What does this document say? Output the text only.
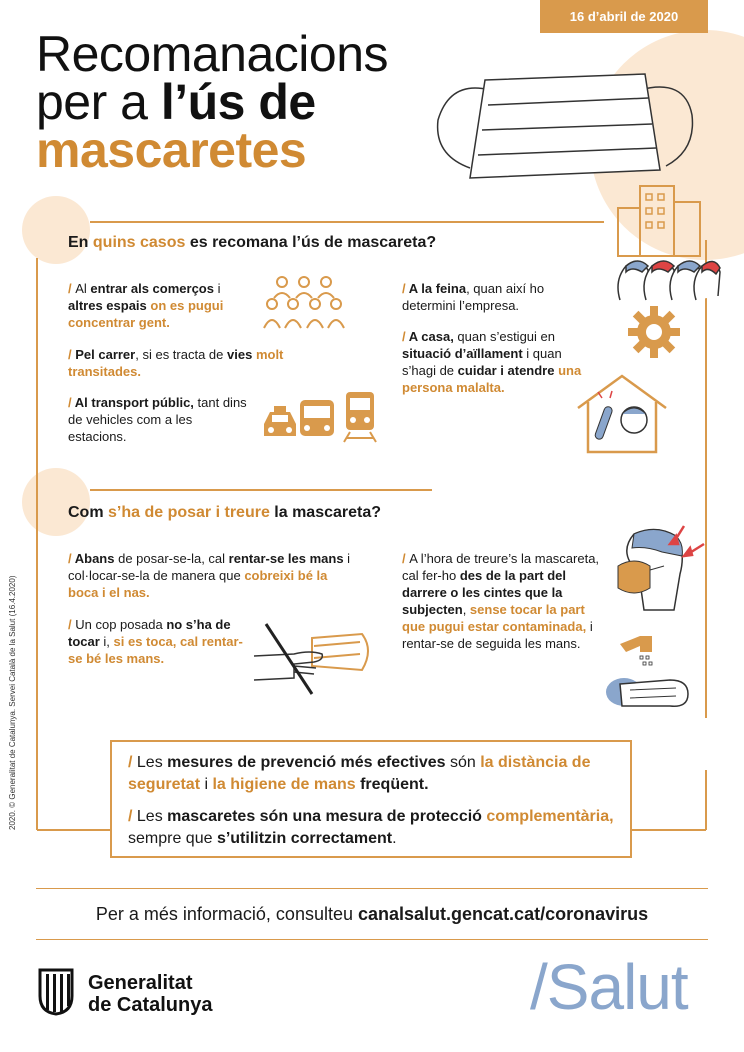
16 d’abril de 2020
Recomanacions
per a l’ús de
mascaretes
En quins casos es recomana l’ús de mascareta?
/ Al entrar als comerços i altres espais on es pugui concentrar gent.
/ Pel carrer, si es tracta de vies molt transitades.
/ Al transport públic, tant dins de vehicles com a les estacions.
/ A la feina, quan així ho determini l’empresa.
/ A casa, quan s’estigui en situació d’aïllament i quan s’hagi de cuidar i atendre una persona malalta.
Com s’ha de posar i treure la mascareta?
/ Abans de posar-se-la, cal rentar-se les mans i col·locar-se-la de manera que cobreixi bé la boca i el nas.
/ Un cop posada no s’ha de tocar i, si es toca, cal rentar-se bé les mans.
/ A l’hora de treure’s la mascareta, cal fer-ho des de la part del darrere o les cintes que la subjecten, sense tocar la part que pugui estar contaminada, i rentar-se de seguida les mans.
/ Les mesures de prevenció més efectives són la distància de seguretat i la higiene de mans freqüent.
/ Les mascaretes són una mesura de protecció complementària, sempre que s’utilitzin correctament.
Per a més informació, consulteu canalsalut.gencat.cat/coronavirus
Generalitat
de Catalunya	/Salut
2020. © Generalitat de Catalunya. Servei Català de la Salut (16.4.2020)
